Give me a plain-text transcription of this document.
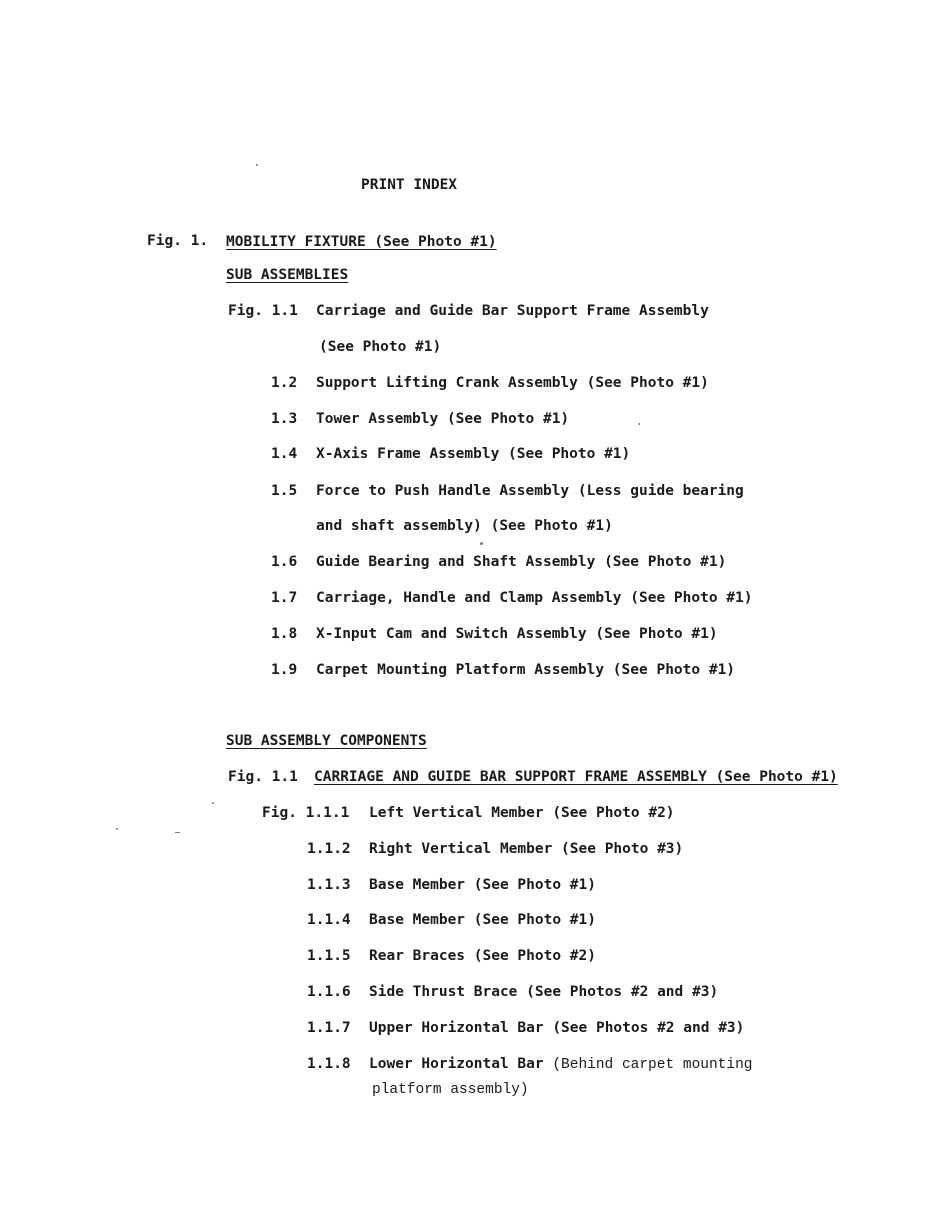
PRINT INDEX
Fig. 1. MOBILITY FIXTURE (See Photo #1)
SUB ASSEMBLIES
Fig. 1.1 Carriage and Guide Bar Support Frame Assembly
(See Photo #1)
1.2 Support Lifting Crank Assembly (See Photo #1)
1.3 Tower Assembly (See Photo #1)
1.4 X-Axis Frame Assembly (See Photo #1)
1.5 Force to Push Handle Assembly (Less guide bearing
and shaft assembly) (See Photo #1)
1.6 Guide Bearing and Shaft Assembly (See Photo #1)
1.7 Carriage, Handle and Clamp Assembly (See Photo #1)
1.8 X-Input Cam and Switch Assembly (See Photo #1)
1.9 Carpet Mounting Platform Assembly (See Photo #1)
SUB ASSEMBLY COMPONENTS
Fig. 1.1 CARRIAGE AND GUIDE BAR SUPPORT FRAME ASSEMBLY (See Photo #1)
Fig. 1.1.1 Left Vertical Member (See Photo #2)
1.1.2 Right Vertical Member (See Photo #3)
1.1.3 Base Member (See Photo #1)
1.1.4 Base Member (See Photo #1)
1.1.5 Rear Braces (See Photo #2)
1.1.6 Side Thrust Brace (See Photos #2 and #3)
1.1.7 Upper Horizontal Bar (See Photos #2 and #3)
1.1.8 Lower Horizontal Bar (Behind carpet mounting
platform assembly)
